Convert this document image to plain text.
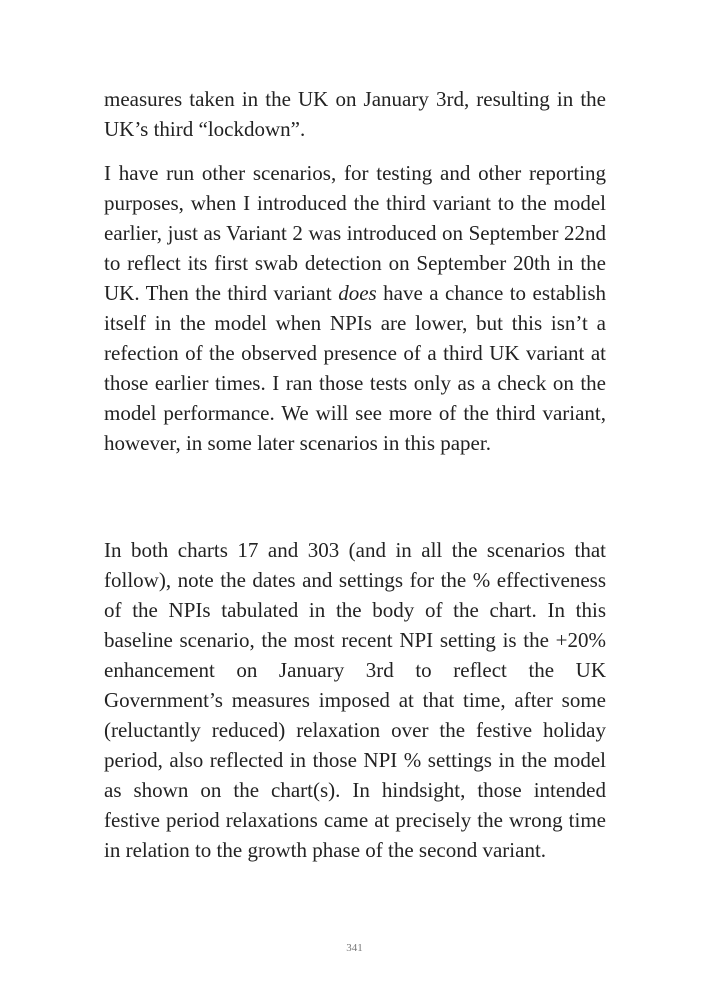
measures taken in the UK on January 3rd, resulting in the UK’s third “lockdown”.

I have run other scenarios, for testing and other reporting purposes, when I introduced the third variant to the model earlier, just as Variant 2 was introduced on September 22nd to reflect its first swab detection on September 20th in the UK. Then the third variant does have a chance to establish itself in the model when NPIs are lower, but this isn’t a refection of the observed presence of a third UK variant at those earlier times. I ran those tests only as a check on the model performance. We will see more of the third variant, however, in some later scenarios in this paper.

In both charts 17 and 303 (and in all the scenarios that follow), note the dates and settings for the % effectiveness of the NPIs tabulated in the body of the chart. In this baseline scenario, the most recent NPI setting is the +20% enhancement on January 3rd to reflect the UK Government’s measures imposed at that time, after some (reluctantly reduced) relaxation over the festive holiday period, also reflected in those NPI % settings in the model as shown on the chart(s). In hindsight, those intended festive period relaxations came at precisely the wrong time in relation to the growth phase of the second variant.

341
